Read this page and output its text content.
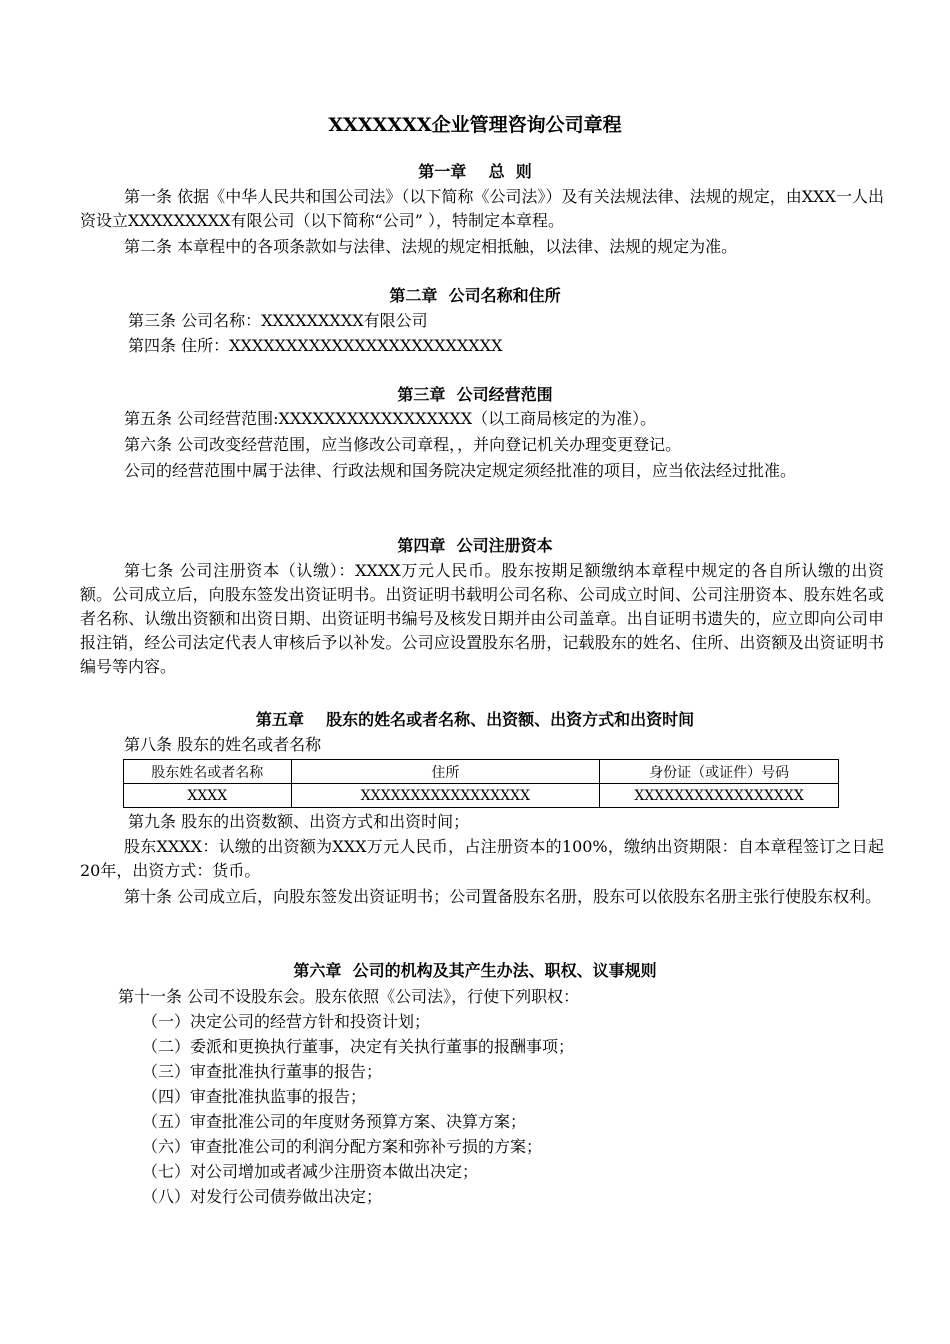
XXXXXXX企业管理咨询公司章程
第一章    总  则
第一条 依据《中华人民共和国公司法》（以下简称《公司法》）及有关法规法律、法规的规定，由XXX一人出资设立XXXXXXXXX有限公司（以下简称“公司” ），特制定本章程。
第二条 本章程中的各项条款如与法律、法规的规定相抵触，以法律、法规的规定为准。
第二章  公司名称和住所
第三条 公司名称：XXXXXXXXX有限公司
第四条 住所：XXXXXXXXXXXXXXXXXXXXXXXX
第三章  公司经营范围
第五条 公司经营范围:XXXXXXXXXXXXXXXXX（以工商局核定的为准）。
第六条 公司改变经营范围，应当修改公司章程，，并向登记机关办理变更登记。
公司的经营范围中属于法律、行政法规和国务院决定规定须经批准的项目，应当依法经过批准。
第四章  公司注册资本
第七条 公司注册资本（认缴）：XXXX万元人民币。股东按期足额缴纳本章程中规定的各自所认缴的出资额。公司成立后，向股东签发出资证明书。出资证明书载明公司名称、公司成立时间、公司注册资本、股东姓名或者名称、认缴出资额和出资日期、出资证明书编号及核发日期并由公司盖章。出自证明书遗失的，应立即向公司申报注销，经公司法定代表人审核后予以补发。公司应设置股东名册，记载股东的姓名、住所、出资额及出资证明书编号等内容。
第五章    股东的姓名或者名称、出资额、出资方式和出资时间
第八条 股东的姓名或者名称
股东姓名或者名称	住所	身份证（或证件）号码
XXXX	XXXXXXXXXXXXXXXXX	XXXXXXXXXXXXXXXXX
第九条 股东的出资数额、出资方式和出资时间；
股东XXXX：认缴的出资额为XXX万元人民币，占注册资本的100%，缴纳出资期限：自本章程签订之日起20年，出资方式：货币。
第十条 公司成立后，向股东签发出资证明书；公司置备股东名册，股东可以依股东名册主张行使股东权利。
第六章  公司的机构及其产生办法、职权、议事规则
第十一条 公司不设股东会。股东依照《公司法》，行使下列职权：
（一）决定公司的经营方针和投资计划；
（二）委派和更换执行董事，决定有关执行董事的报酬事项；
（三）审查批准执行董事的报告；
（四）审查批准执监事的报告；
（五）审查批准公司的年度财务预算方案、决算方案；
（六）审查批准公司的利润分配方案和弥补亏损的方案；
（七）对公司增加或者减少注册资本做出决定；
（八）对发行公司债券做出决定；
